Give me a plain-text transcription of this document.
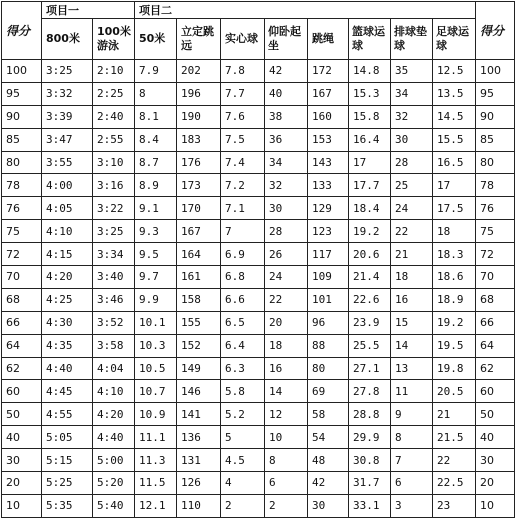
得分	项目一		项目二								得分
	800米	100米游泳	50米	立定跳远	实心球	仰卧起坐	跳绳	篮球运球	排球垫球	足球运球	
100	3:25	2:10	7.9	202	7.8	42	172	14.8	35	12.5	100
95	3:32	2:25	8	196	7.7	40	167	15.3	34	13.5	95
90	3:39	2:40	8.1	190	7.6	38	160	15.8	32	14.5	90
85	3:47	2:55	8.4	183	7.5	36	153	16.4	30	15.5	85
80	3:55	3:10	8.7	176	7.4	34	143	17	28	16.5	80
78	4:00	3:16	8.9	173	7.2	32	133	17.7	25	17	78
76	4:05	3:22	9.1	170	7.1	30	129	18.4	24	17.5	76
75	4:10	3:25	9.3	167	7	28	123	19.2	22	18	75
72	4:15	3:34	9.5	164	6.9	26	117	20.6	21	18.3	72
70	4:20	3:40	9.7	161	6.8	24	109	21.4	18	18.6	70
68	4:25	3:46	9.9	158	6.6	22	101	22.6	16	18.9	68
66	4:30	3:52	10.1	155	6.5	20	96	23.9	15	19.2	66
64	4:35	3:58	10.3	152	6.4	18	88	25.5	14	19.5	64
62	4:40	4:04	10.5	149	6.3	16	80	27.1	13	19.8	62
60	4:45	4:10	10.7	146	5.8	14	69	27.8	11	20.5	60
50	4:55	4:20	10.9	141	5.2	12	58	28.8	9	21	50
40	5:05	4:40	11.1	136	5	10	54	29.9	8	21.5	40
30	5:15	5:00	11.3	131	4.5	8	48	30.8	7	22	30
20	5:25	5:20	11.5	126	4	6	42	31.7	6	22.5	20
10	5:35	5:40	12.1	110	2	2	30	33.1	3	23	10
